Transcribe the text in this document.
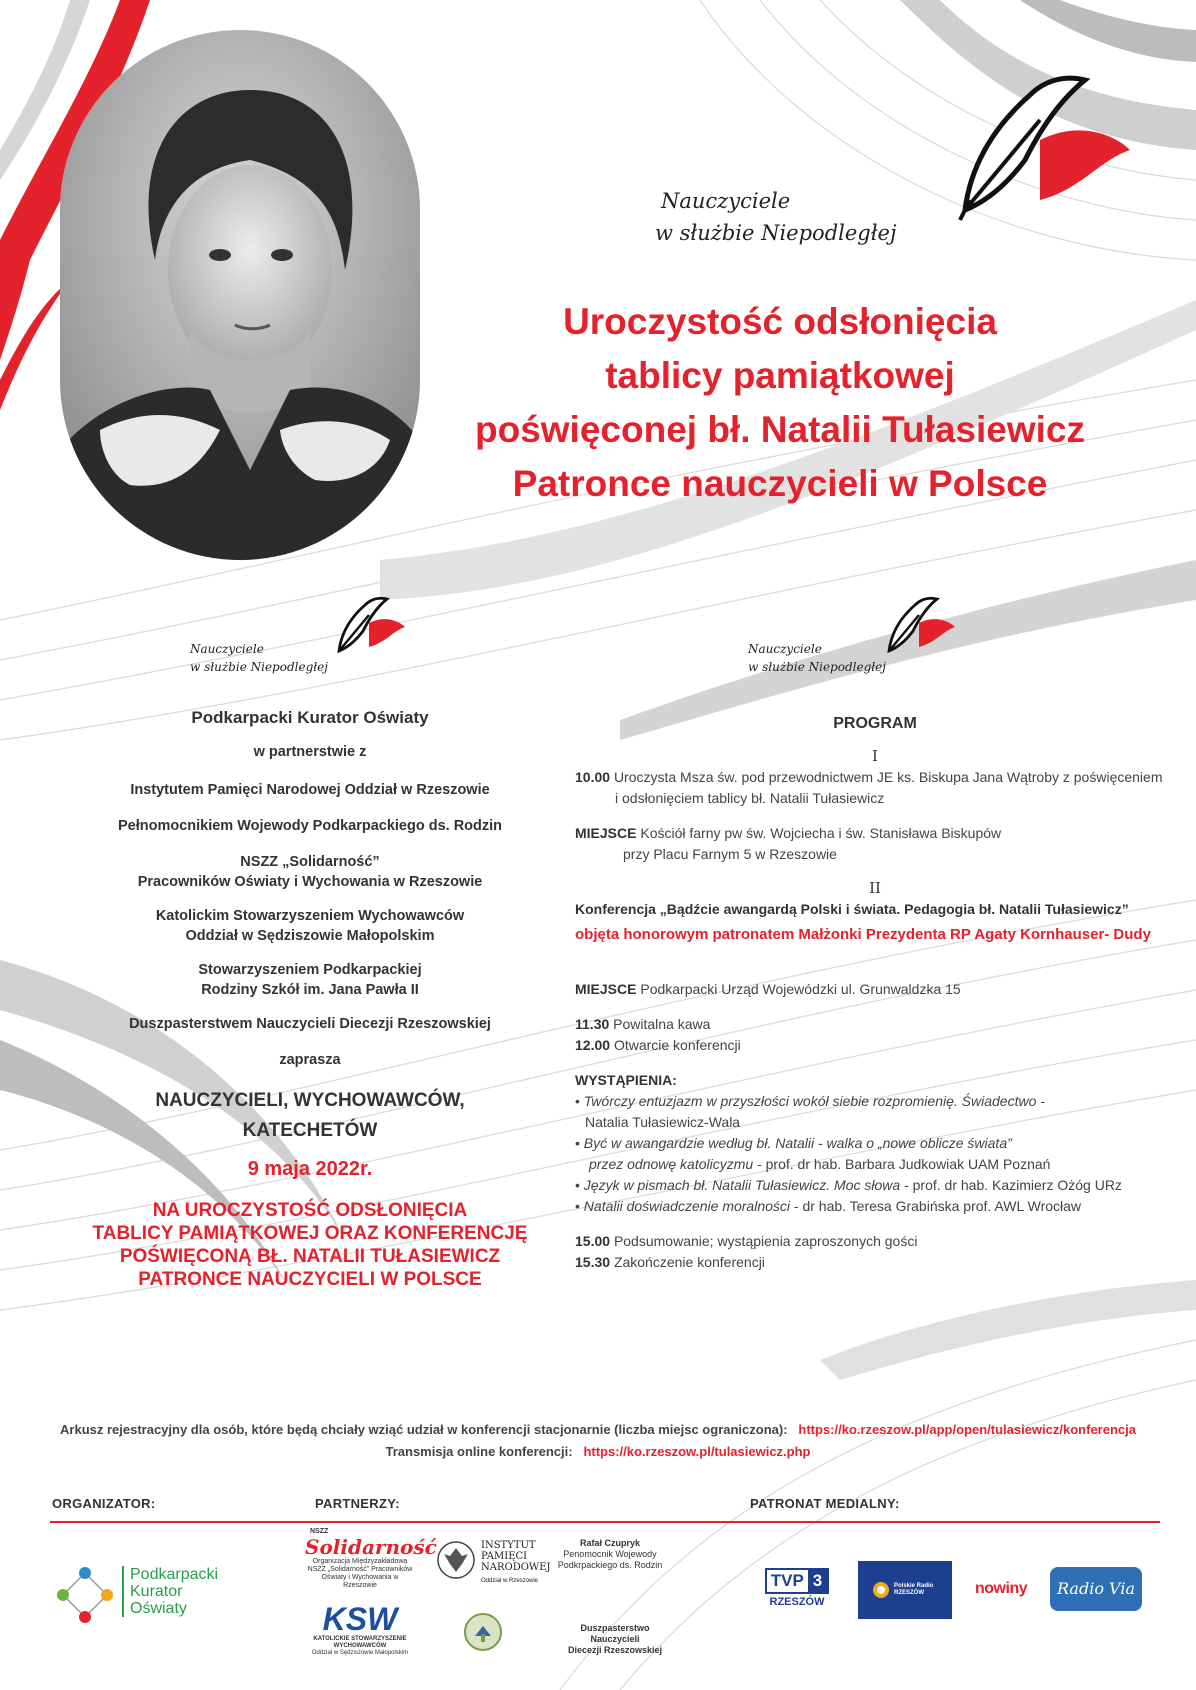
Nauczyciele
w służbie Niepodległej
Uroczystość odsłonięcia
tablicy pamiątkowej
poświęconej bł. Natalii Tułasiewicz
Patronce nauczycieli w Polsce
Nauczyciele
w służbie Niepodległej
Nauczyciele
w służbie Niepodległej
Podkarpacki Kurator Oświaty
w partnerstwie z
Instytutem Pamięci Narodowej Oddział w Rzeszowie
Pełnomocnikiem Wojewody Podkarpackiego ds. Rodzin
NSZZ „Solidarność”
Pracowników Oświaty i Wychowania w Rzeszowie
Katolickim Stowarzyszeniem Wychowawców
Oddział w Sędziszowie Małopolskim
Stowarzyszeniem Podkarpackiej
Rodziny Szkół im. Jana Pawła II
Duszpasterstwem Nauczycieli Diecezji Rzeszowskiej
zaprasza
NAUCZYCIELI, WYCHOWAWCÓW,
KATECHETÓW
9 maja 2022r.
NA UROCZYSTOŚĆ ODSŁONIĘCIA
TABLICY PAMIĄTKOWEJ ORAZ KONFERENCJĘ
POŚWIĘCONĄ BŁ. NATALII TUŁASIEWICZ
PATRONCE NAUCZYCIELI W POLSCE
PROGRAM
I
10.00 Uroczysta Msza św. pod przewodnictwem JE ks. Biskupa Jana Wątroby z poświęceniem
i odsłonięciem tablicy bł. Natalii Tułasiewicz
MIEJSCE Kościół farny pw św. Wojciecha i św. Stanisława Biskupów
przy Placu Farnym 5 w Rzeszowie
II
Konferencja „Bądźcie awangardą Polski i świata. Pedagogia bł. Natalii Tułasiewicz”
objęta honorowym patronatem Małżonki Prezydenta RP Agaty Kornhauser- Dudy
MIEJSCE Podkarpacki Urząd Wojewódzki ul. Grunwaldzka 15
11.30 Powitalna kawa
12.00 Otwarcie konferencji
WYSTĄPIENIA:
• Twórczy entuzjazm w przyszłości wokół siebie rozpromienię. Świadectwo -
Natalia Tułasiewicz-Wala
• Być w awangardzie według bł. Natalii - walka o „nowe oblicze świata”
przez odnowę katolicyzmu - prof. dr hab. Barbara Judkowiak UAM Poznań
• Język w pismach bł. Natalii Tułasiewicz. Moc słowa - prof. dr hab. Kazimierz Ożóg URz
• Natalii doświadczenie moralności - dr hab. Teresa Grabińska prof. AWL Wrocław
15.00 Podsumowanie; wystąpienia zaproszonych gości
15.30 Zakończenie konferencji
Arkusz rejestracyjny dla osób, które będą chciały wziąć udział w konferencji stacjonarnie (liczba miejsc ograniczona): https://ko.rzeszow.pl/app/open/tulasiewicz/konferencja
Transmisja online konferencji: https://ko.rzeszow.pl/tulasiewicz.php
ORGANIZATOR:	PARTNERZY:	PATRONAT MEDIALNY:
Podkarpacki
Kurator
Oświaty
NSZZ
Solidarność
Organizacja Międzyzakładowa
NSZZ „Solidarność” Pracowników
Oświaty i Wychowania w Rzeszowie
INSTYTUT
PAMIĘCI
NARODOWEJ
Oddział w Rzeszowie
Rafał Czupryk
Penomocnik Wojewody
Podkrpackiego ds. Rodzin
KSW
KATOLICKIE STOWARZYSZENIE WYCHOWAWCÓW
Oddział w Sędziszowie Małopolskim
Duszpasterstwo Nauczycieli
Diecezji Rzeszowskiej
TVP 3
RZESZÓW
Polskie Radio
RZESZÓW	nowiny	Radio Via
